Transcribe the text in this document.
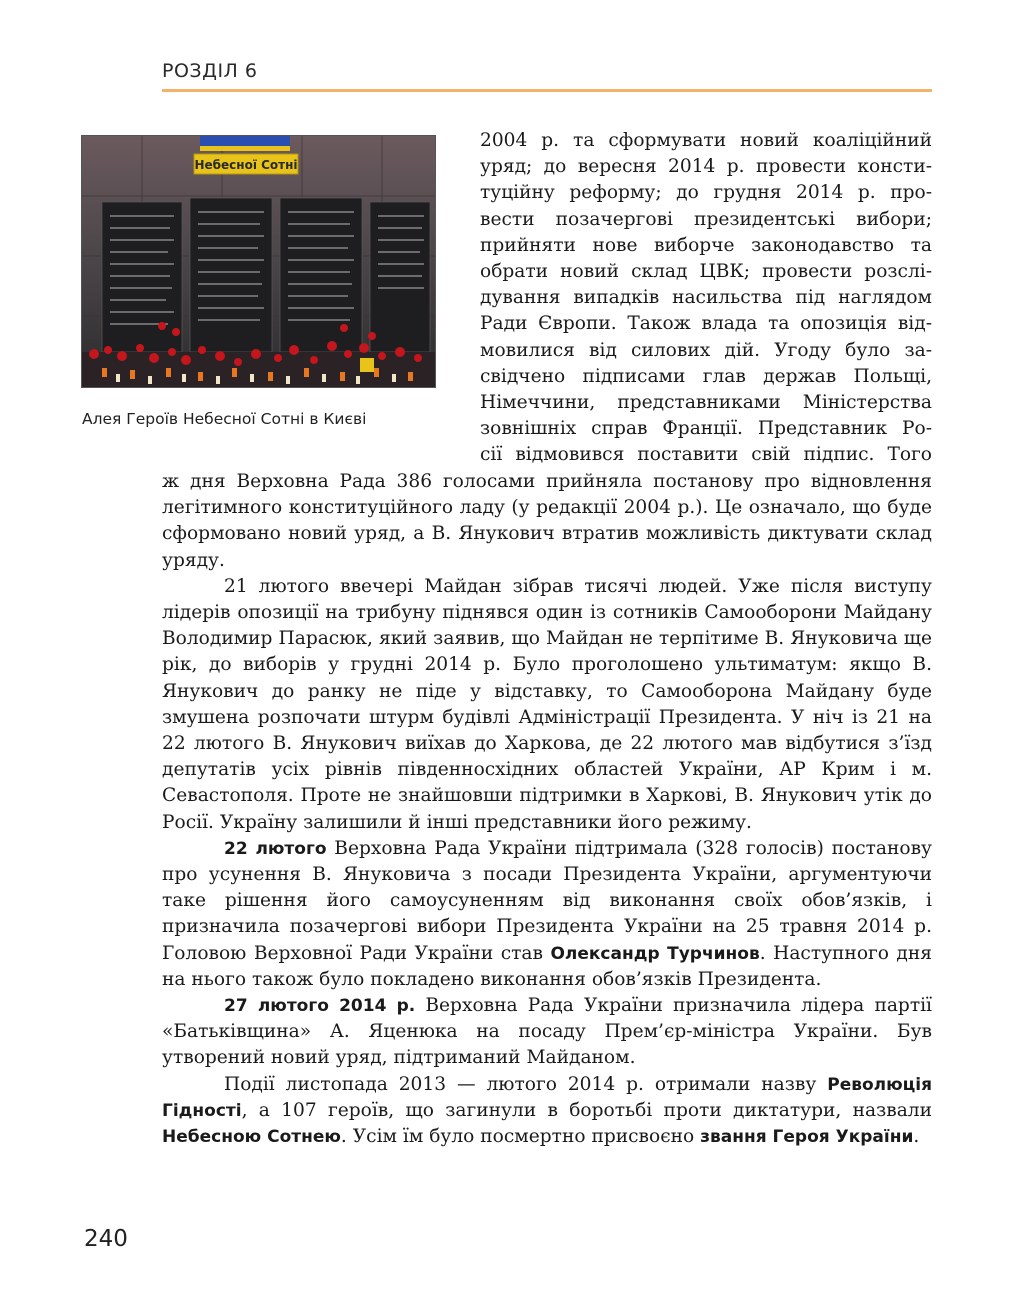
РОЗДІЛ 6
Небесної Сотні
Алея Героїв Небесної Сотні в Києві
2004 р. та сформувати новий коаліційний
уряд; до вересня 2014 р. провести консти-
туційну реформу; до грудня 2014 р. про-
вести позачергові президентські вибори;
прийняти нове виборче законодавство та
обрати новий склад ЦВК; провести розслі-
дування випадків насильства під наглядом
Ради Європи. Також влада та опозиція від-
мовилися від силових дій. Угоду було за-
свідчено підписами глав держав Польщі,
Німеччини, представниками Міністерства
зовнішніх справ Франції. Представник Ро-
сії відмовився поставити свій підпис. Того

ж дня Верховна Рада 386 голосами прийняла постанову про відновлення легітимного конституційного ладу (у редакції 2004 р.). Це означало, що буде сформовано новий уряд, а В. Янукович втратив можливість диктувати склад уряду.

21 лютого ввечері Майдан зібрав тисячі людей. Уже після виступу лідерів опозиції на трибуну піднявся один із сотників Самооборони Майдану Володимир Парасюк, який заявив, що Майдан не терпітиме В. Януковича ще рік, до виборів у грудні 2014 р. Було проголошено ультиматум: якщо В. Янукович до ранку не піде у відставку, то Самооборона Майдану буде змушена розпочати штурм будівлі Адміністрації Президента. У ніч із 21 на 22 лютого В. Янукович виїхав до Харкова, де 22 лютого мав відбутися з’їзд депутатів усіх рівнів південносхідних областей України, АР Крим і м. Севастополя. Проте не знайшовши підтримки в Харкові, В. Янукович утік до Росії. Україну залишили й інші представники його режиму.

22 лютого Верховна Рада України підтримала (328 голосів) постанову про усунення В. Януковича з посади Президента України, аргументуючи таке рішення його самоусуненням від виконання своїх обов’язків, і призначила позачергові вибори Президента України на 25 травня 2014 р. Головою Верховної Ради України став Олександр Турчинов. Наступного дня на нього також було покладено виконання обов’язків Президента.

27 лютого 2014 р. Верховна Рада України призначила лідера партії «Батьківщина» А. Яценюка на посаду Прем’єр-міністра України. Був утворений новий уряд, підтриманий Майданом.

Події листопада 2013 — лютого 2014 р. отримали назву Революція Гідності, а 107 героїв, що загинули в боротьбі проти диктатури, назвали Небесною Сотнею. Усім їм було посмертно присвоєно звання Героя України.

240
